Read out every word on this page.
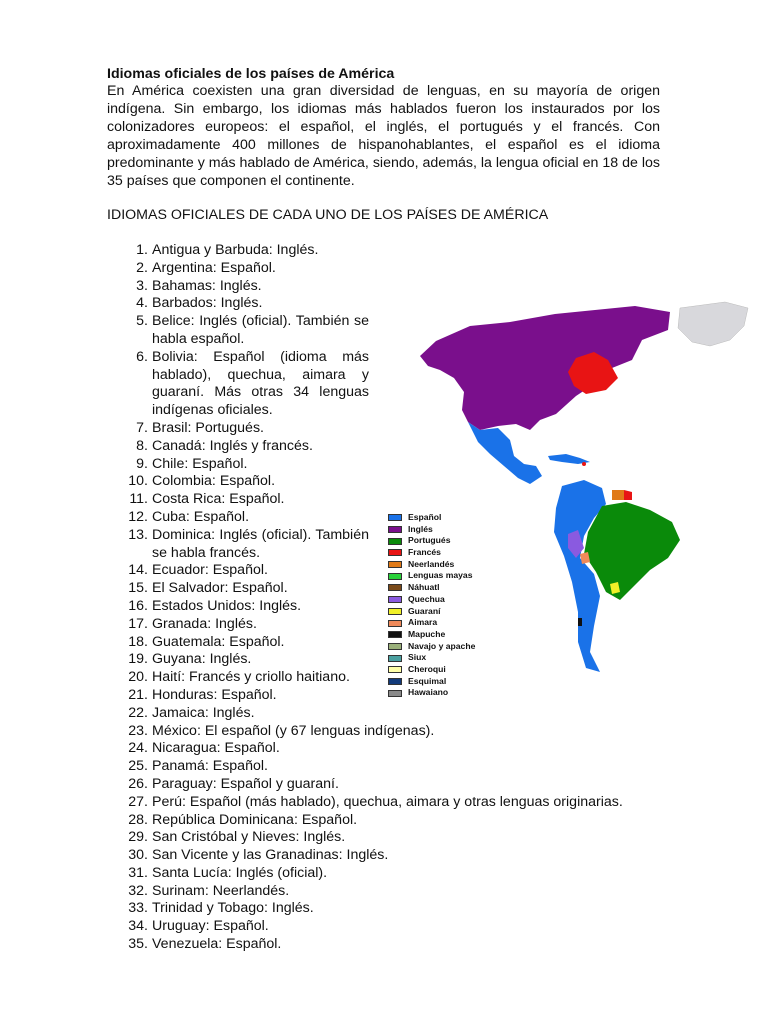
Idiomas oficiales de los países de América

En América coexisten una gran diversidad de lenguas, en su mayoría de origen indígena. Sin embargo, los idiomas más hablados fueron los instaurados por los colonizadores europeos: el español, el inglés, el portugués y el francés. Con aproximadamente 400 millones de hispanohablantes, el español es el idioma predominante y más hablado de América, siendo, además, la lengua oficial en 18 de los 35 países que componen el continente.

IDIOMAS OFICIALES DE CADA UNO DE LOS PAÍSES DE AMÉRICA
1. Antigua y Barbuda: Inglés.
2. Argentina: Español.
3. Bahamas: Inglés.
4. Barbados: Inglés.
5. Belice: Inglés (oficial). También se habla español.
6. Bolivia: Español (idioma más hablado), quechua, aimara y guaraní. Más otras 34 lenguas indígenas oficiales.
7. Brasil: Portugués.
8. Canadá: Inglés y francés.
9. Chile: Español.
10. Colombia: Español.
11. Costa Rica: Español.
12. Cuba: Español.
13. Dominica: Inglés (oficial). También se habla francés.
14. Ecuador: Español.
15. El Salvador: Español.
16. Estados Unidos: Inglés.
17. Granada: Inglés.
18. Guatemala: Español.
19. Guyana: Inglés.
20. Haití: Francés y criollo haitiano.
21. Honduras: Español.
22. Jamaica: Inglés.
23. México: El español (y 67 lenguas indígenas).
24. Nicaragua: Español.
25. Panamá: Español.
26. Paraguay: Español y guaraní.
27. Perú: Español (más hablado), quechua, aimara y otras lenguas originarias.
28. República Dominicana: Español.
29. San Cristóbal y Nieves: Inglés.
30. San Vicente y las Granadinas: Inglés.
31. Santa Lucía: Inglés (oficial).
32. Surinam: Neerlandés.
33. Trinidad y Tobago: Inglés.
34. Uruguay: Español.
35. Venezuela: Español.
Español
Inglés
Portugués
Francés
Neerlandés
Lenguas mayas
Náhuatl
Quechua
Guaraní
Aimara
Mapuche
Navajo y apache
Siux
Cheroqui
Esquimal
Hawaiano
